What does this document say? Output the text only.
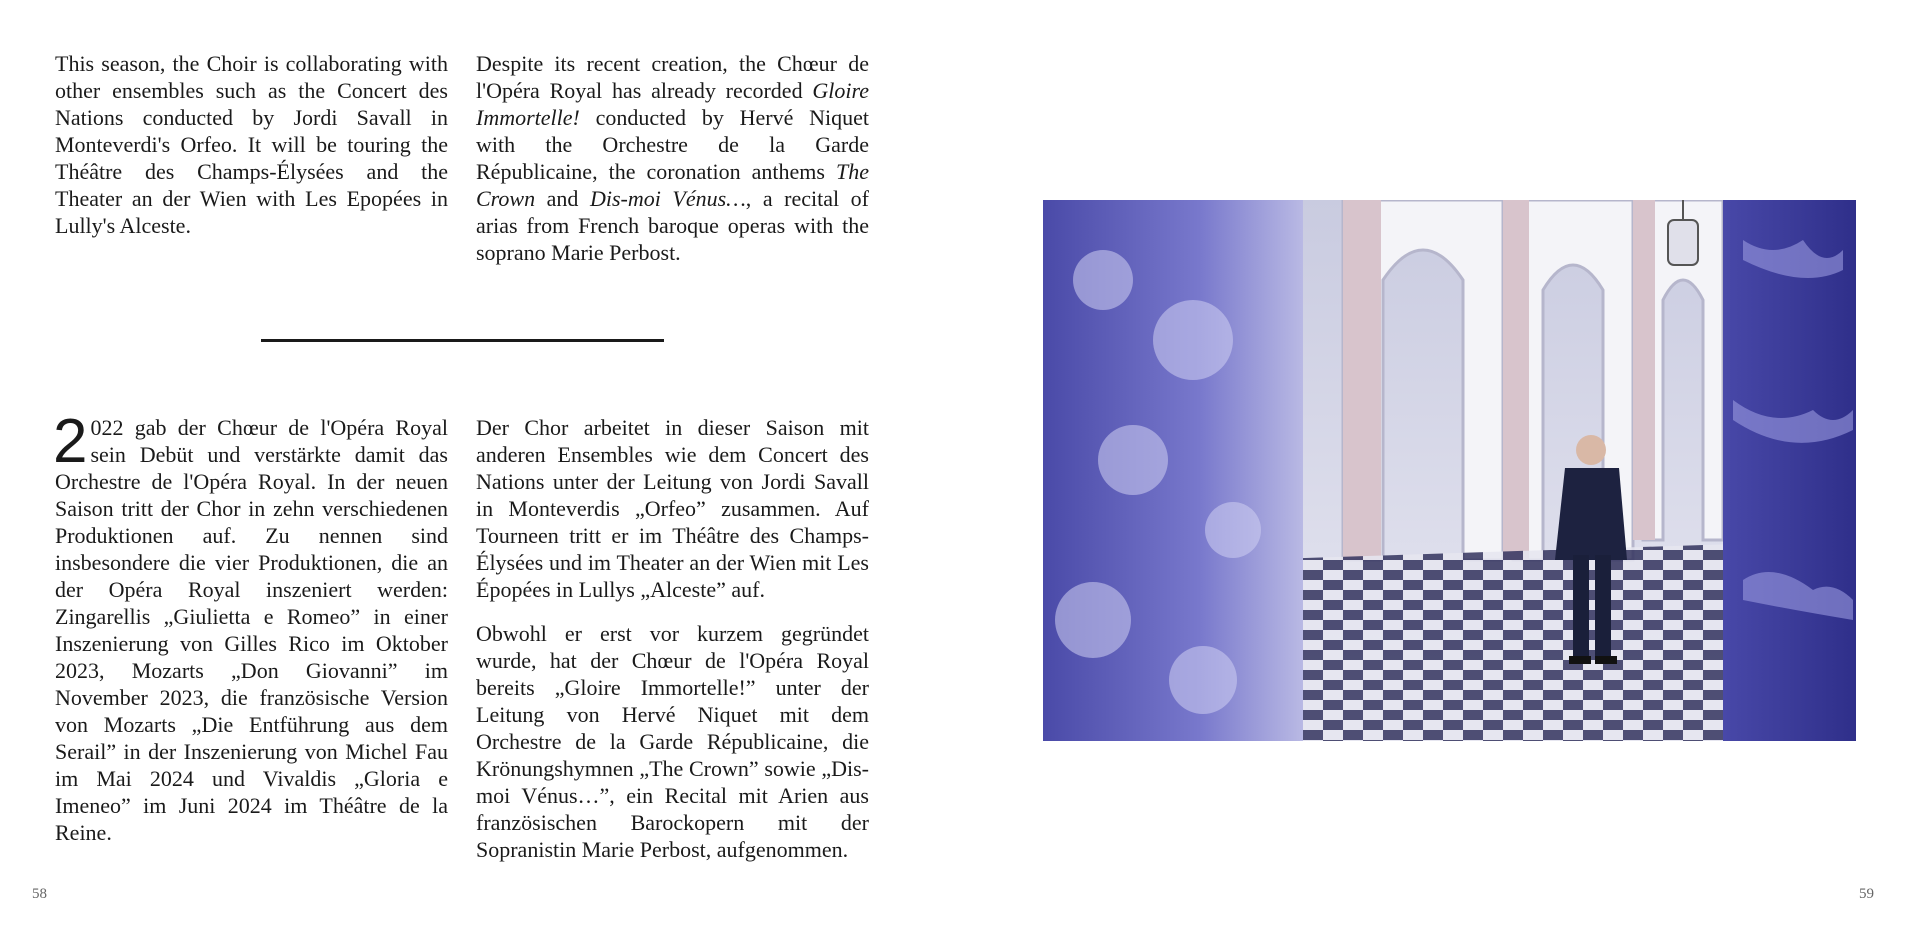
This season, the Choir is collaborating with other ensembles such as the Concert des Nations conducted by Jordi Savall in Monteverdi's Orfeo. It will be touring the Théâtre des Champs-Élysées and the Theater an der Wien with Les Epopées in Lully's Alceste.

Despite its recent creation, the Chœur de l'Opéra Royal has already recorded Gloire Immortelle! conducted by Hervé Niquet with the Orchestre de la Garde Républicaine, the coronation anthems The Crown and Dis-moi Vénus…, a recital of arias from French baroque operas with the soprano Marie Perbost.

2 022 gab der Chœur de l'Opéra Royal sein Debüt und verstärkte damit das Orchestre de l'Opéra Royal. In der neuen Saison tritt der Chor in zehn verschiedenen Produktionen auf. Zu nennen sind insbesondere die vier Produktionen, die an der Opéra Royal inszeniert werden: Zingarellis „Giulietta e Romeo” in einer Inszenierung von Gilles Rico im Oktober 2023, Mozarts „Don Giovanni” im November 2023, die französische Version von Mozarts „Die Entführung aus dem Serail” in der Inszenierung von Michel Fau im Mai 2024 und Vivaldis „Gloria e Imeneo” im Juni 2024 im Théâtre de la Reine.

Der Chor arbeitet in dieser Saison mit anderen Ensembles wie dem Concert des Nations unter der Leitung von Jordi Savall in Monteverdis „Orfeo” zusammen. Auf Tourneen tritt er im Théâtre des Champs-Élysées und im Theater an der Wien mit Les Épopées in Lullys „Alceste” auf.

Obwohl er erst vor kurzem gegründet wurde, hat der Chœur de l'Opéra Royal bereits „Gloire Immortelle!” unter der Leitung von Hervé Niquet mit dem Orchestre de la Garde Républicaine, die Krönungshymnen „The Crown” sowie „Dis-moi Vénus…”, ein Recital mit Arien aus französischen Barockopern mit der Sopranistin Marie Perbost, aufgenommen.

58	59
